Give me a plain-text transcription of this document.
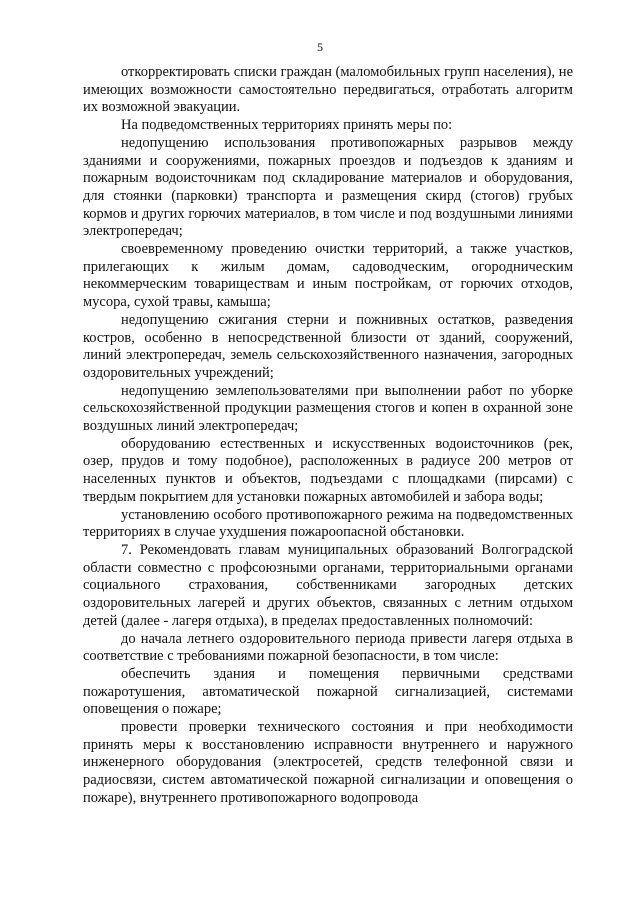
5

откорректировать списки граждан (маломобильных групп населения), не имеющих возможности самостоятельно передвигаться, отработать алгоритм их возможной эвакуации.

На подведомственных территориях принять меры по:

недопущению использования противопожарных разрывов между зданиями и сооружениями, пожарных проездов и подъездов к зданиям и пожарным водоисточникам под складирование материалов и оборудования, для стоянки (парковки) транспорта и размещения скирд (стогов) грубых кормов и других горючих материалов, в том числе и под воздушными линиями электропередач;

своевременному проведению очистки территорий, а также участков, прилегающих к жилым домам, садоводческим, огородническим некоммерческим товариществам и иным постройкам, от горючих отходов, мусора, сухой травы, камыша;

недопущению сжигания стерни и пожнивных остатков, разведения костров, особенно в непосредственной близости от зданий, сооружений, линий электропередач, земель сельскохозяйственного назначения, загородных оздоровительных учреждений;

недопущению землепользователями при выполнении работ по уборке сельскохозяйственной продукции размещения стогов и копен в охранной зоне воздушных линий электропередач;

оборудованию естественных и искусственных водоисточников (рек, озер, прудов и тому подобное), расположенных в радиусе 200 метров от населенных пунктов и объектов, подъездами с площадками (пирсами) с твердым покрытием для установки пожарных автомобилей и забора воды;

установлению особого противопожарного режима на подведомственных территориях в случае ухудшения пожароопасной обстановки.

7. Рекомендовать главам муниципальных образований Волгоградской области совместно с профсоюзными органами, территориальными органами социального страхования, собственниками загородных детских оздоровительных лагерей и других объектов, связанных с летним отдыхом детей (далее - лагеря отдыха), в пределах предоставленных полномочий:

до начала летнего оздоровительного периода привести лагеря отдыха в соответствие с требованиями пожарной безопасности, в том числе:

обеспечить здания и помещения первичными средствами пожаротушения, автоматической пожарной сигнализацией, системами оповещения о пожаре;

провести проверки технического состояния и при необходимости принять меры к восстановлению исправности внутреннего и наружного инженерного оборудования (электросетей, средств телефонной связи и радиосвязи, систем автоматической пожарной сигнализации и оповещения о пожаре), внутреннего противопожарного водопровода
